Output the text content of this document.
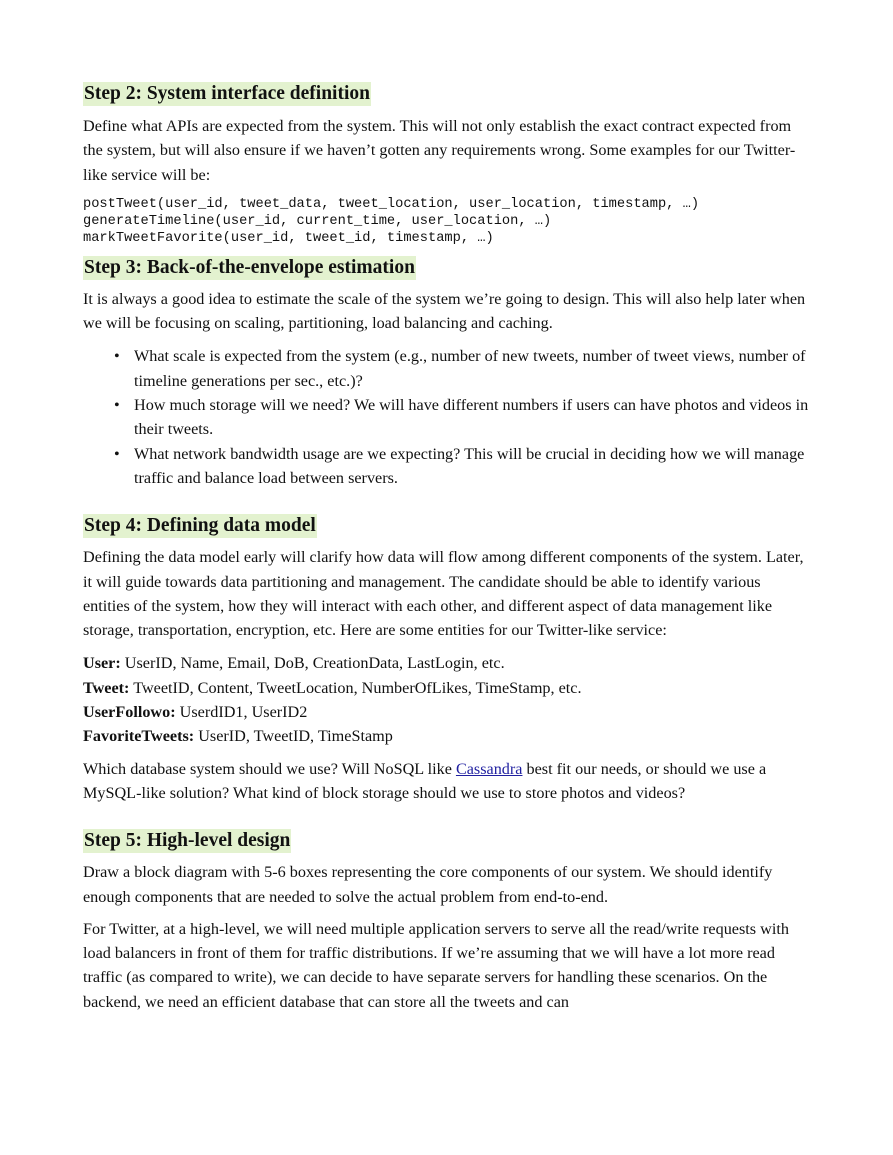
Step 2: System interface definition

Define what APIs are expected from the system. This will not only establish the exact contract expected from the system, but will also ensure if we haven’t gotten any requirements wrong. Some examples for our Twitter-like service will be:

postTweet(user_id, tweet_data, tweet_location, user_location, timestamp, …)
generateTimeline(user_id, current_time, user_location, …)
markTweetFavorite(user_id, tweet_id, timestamp, …)
Step 3: Back-of-the-envelope estimation

It is always a good idea to estimate the scale of the system we’re going to design. This will also help later when we will be focusing on scaling, partitioning, load balancing and caching.

• What scale is expected from the system (e.g., number of new tweets, number of tweet views, number of timeline generations per sec., etc.)?
• How much storage will we need? We will have different numbers if users can have photos and videos in their tweets.
• What network bandwidth usage are we expecting? This will be crucial in deciding how we will manage traffic and balance load between servers.
Step 4: Defining data model

Defining the data model early will clarify how data will flow among different components of the system. Later, it will guide towards data partitioning and management. The candidate should be able to identify various entities of the system, how they will interact with each other, and different aspect of data management like storage, transportation, encryption, etc. Here are some entities for our Twitter-like service:

User: UserID, Name, Email, DoB, CreationData, LastLogin, etc.
Tweet: TweetID, Content, TweetLocation, NumberOfLikes, TimeStamp, etc.
UserFollowo: UserdID1, UserID2
FavoriteTweets: UserID, TweetID, TimeStamp

Which database system should we use? Will NoSQL like Cassandra best fit our needs, or should we use a MySQL-like solution? What kind of block storage should we use to store photos and videos?

Step 5: High-level design

Draw a block diagram with 5-6 boxes representing the core components of our system. We should identify enough components that are needed to solve the actual problem from end-to-end.

For Twitter, at a high-level, we will need multiple application servers to serve all the read/write requests with load balancers in front of them for traffic distributions. If we’re assuming that we will have a lot more read traffic (as compared to write), we can decide to have separate servers for handling these scenarios. On the backend, we need an efficient database that can store all the tweets and can
